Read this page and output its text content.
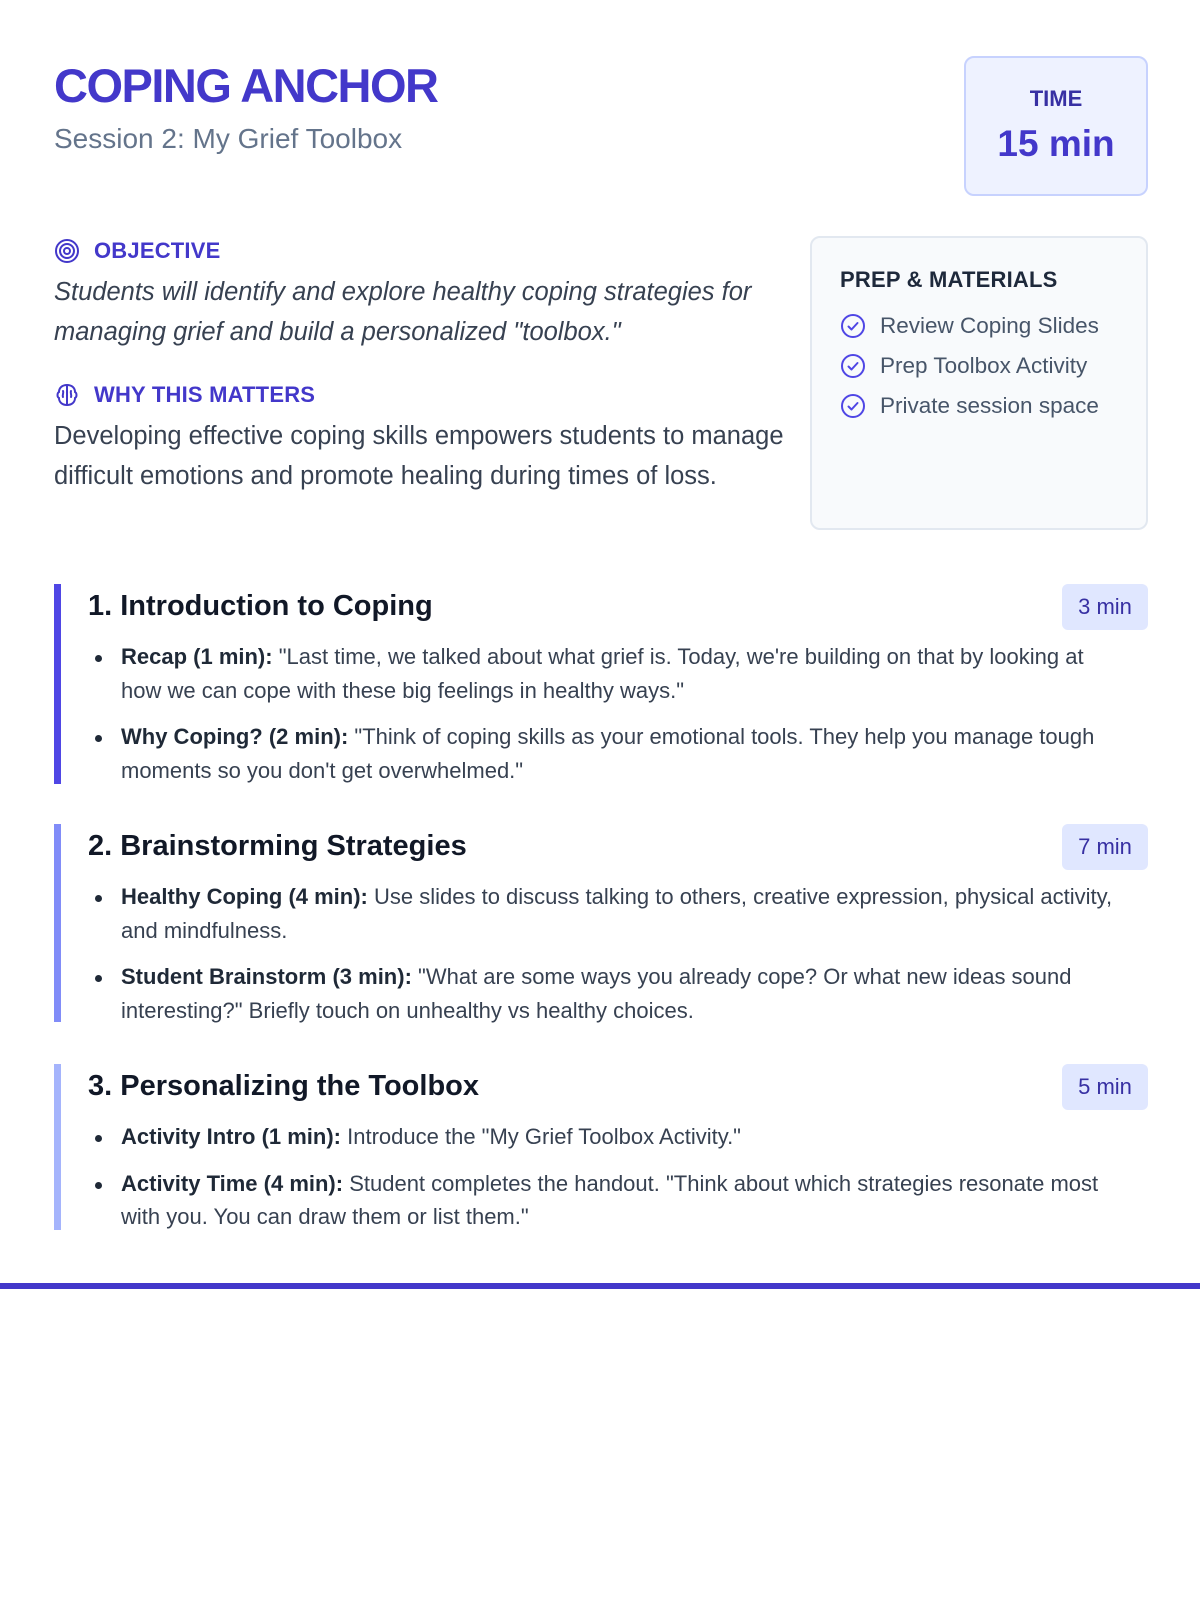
COPING ANCHOR
Session 2: My Grief Toolbox
TIME
15 min
OBJECTIVE
Students will identify and explore healthy coping strategies for managing grief and build a personalized "toolbox."
WHY THIS MATTERS
Developing effective coping skills empowers students to manage difficult emotions and promote healing during times of loss.
PREP & MATERIALS
Review Coping Slides
Prep Toolbox Activity
Private session space
1. Introduction to Coping	3 min
Recap (1 min): "Last time, we talked about what grief is. Today, we're building on that by looking at how we can cope with these big feelings in healthy ways."
Why Coping? (2 min): "Think of coping skills as your emotional tools. They help you manage tough moments so you don't get overwhelmed."
2. Brainstorming Strategies	7 min
Healthy Coping (4 min): Use slides to discuss talking to others, creative expression, physical activity, and mindfulness.
Student Brainstorm (3 min): "What are some ways you already cope? Or what new ideas sound interesting?" Briefly touch on unhealthy vs healthy choices.
3. Personalizing the Toolbox	5 min
Activity Intro (1 min): Introduce the "My Grief Toolbox Activity."
Activity Time (4 min): Student completes the handout. "Think about which strategies resonate most with you. You can draw them or list them."
